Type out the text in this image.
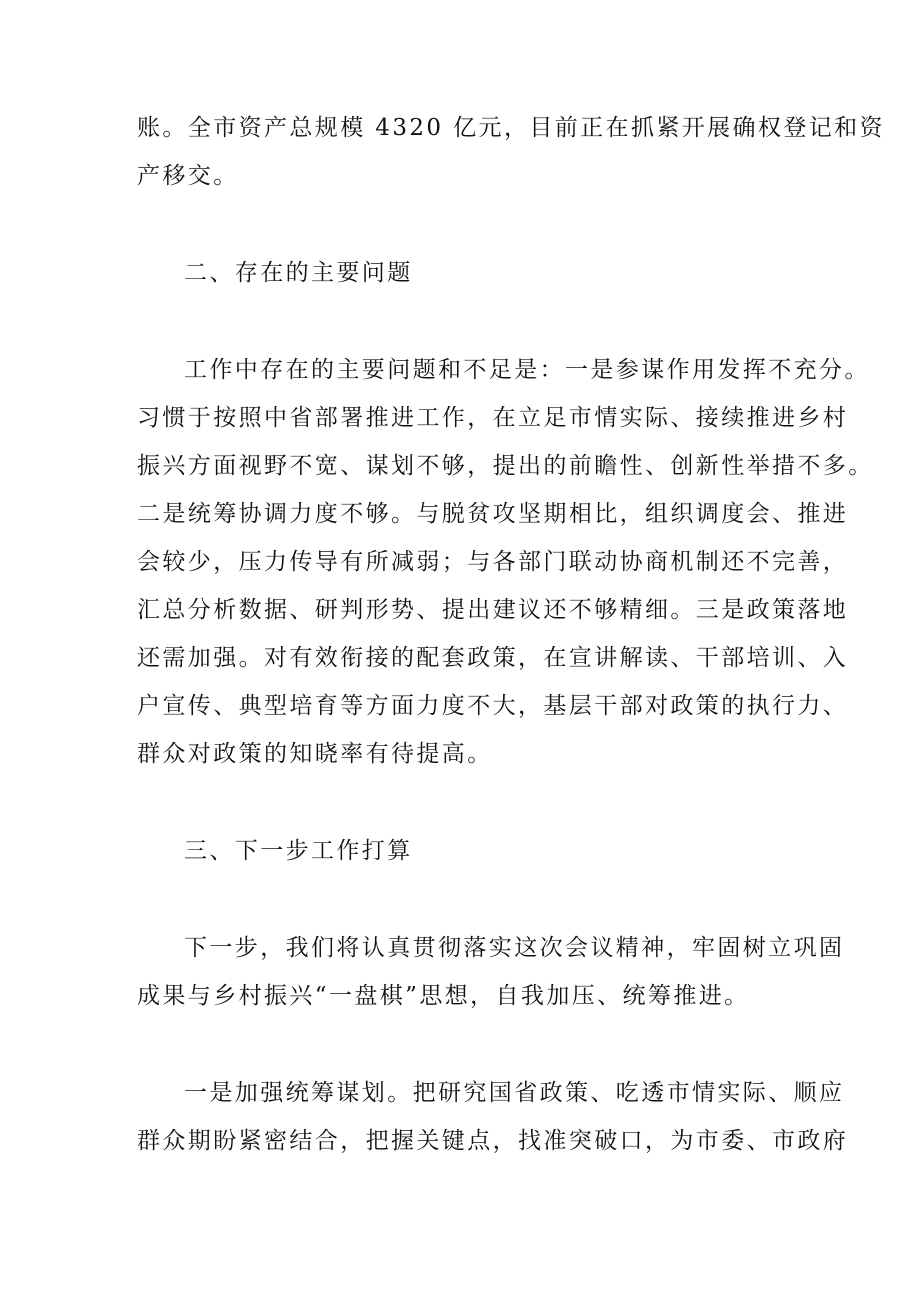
账。全市资产总规模 4320 亿元，目前正在抓紧开展确权登记和资
产移交。
二、存在的主要问题
工作中存在的主要问题和不足是：一是参谋作用发挥不充分。
习惯于按照中省部署推进工作，在立足市情实际、接续推进乡村
振兴方面视野不宽、谋划不够，提出的前瞻性、创新性举措不多。
二是统筹协调力度不够。与脱贫攻坚期相比，组织调度会、推进
会较少，压力传导有所减弱；与各部门联动协商机制还不完善，
汇总分析数据、研判形势、提出建议还不够精细。三是政策落地
还需加强。对有效衔接的配套政策，在宣讲解读、干部培训、入
户宣传、典型培育等方面力度不大，基层干部对政策的执行力、
群众对政策的知晓率有待提高。
三、下一步工作打算
下一步，我们将认真贯彻落实这次会议精神，牢固树立巩固
成果与乡村振兴“一盘棋”思想，自我加压、统筹推进。
一是加强统筹谋划。把研究国省政策、吃透市情实际、顺应
群众期盼紧密结合，把握关键点，找准突破口，为市委、市政府
